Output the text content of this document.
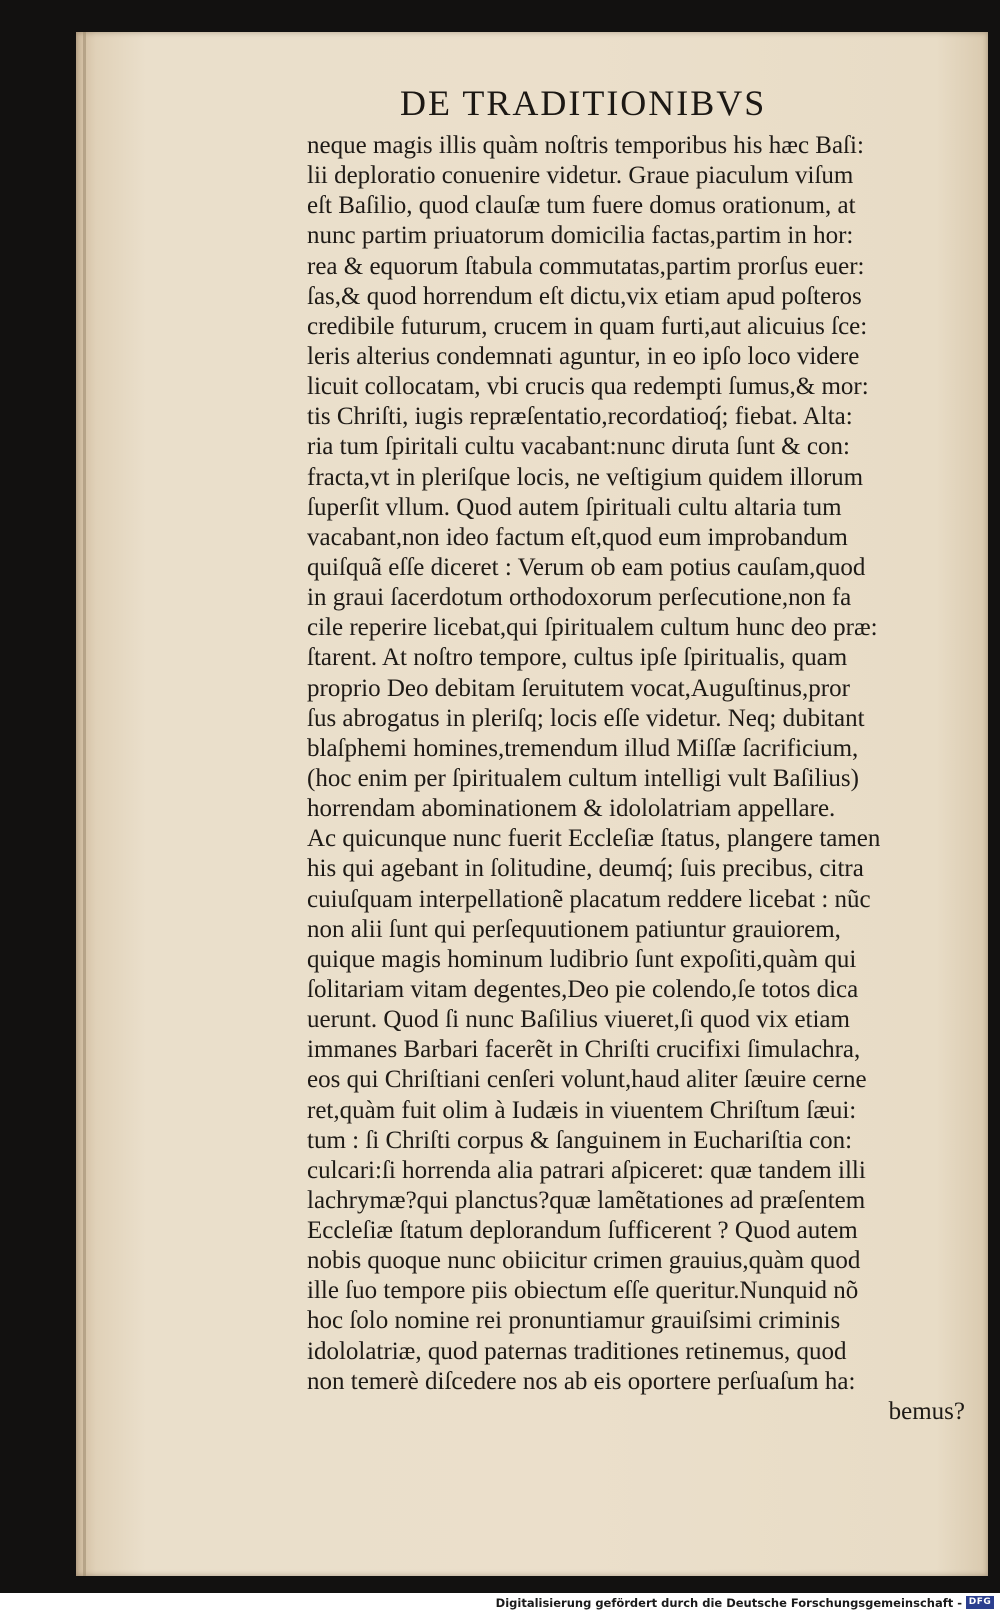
DE TRADITIONIBVS
neque magis illis quàm noſtris temporibus his hæc Baſi:
lii deploratio conuenire videtur. Graue piaculum viſum
eſt Baſilio, quod clauſæ tum fuere domus orationum, at
nunc partim priuatorum domicilia factas,partim in hor:
rea & equorum ſtabula commutatas,partim prorſus euer:
ſas,& quod horrendum eſt dictu,vix etiam apud poſteros
credibile futurum, crucem in quam furti,aut alicuius ſce:
leris alterius condemnati aguntur, in eo ipſo loco videre
licuit collocatam, vbi crucis qua redempti ſumus,& mor:
tis Chriſti, iugis repræſentatio,recordatioq́; fiebat. Alta:
ria tum ſpiritali cultu vacabant:nunc diruta ſunt & con:
fracta,vt in pleriſque locis, ne veſtigium quidem illorum
ſuperſit vllum. Quod autem ſpirituali cultu altaria tum
vacabant,non ideo factum eſt,quod eum improbandum
quiſquã eſſe diceret : Verum ob eam potius cauſam,quod
in graui ſacerdotum orthodoxorum perſecutione,non fa
cile reperire licebat,qui ſpiritualem cultum hunc deo præ:
ſtarent. At noſtro tempore, cultus ipſe ſpiritualis, quam
proprio Deo debitam ſeruitutem vocat,Auguſtinus,pror
ſus abrogatus in pleriſq; locis eſſe videtur. Neq; dubitant
blaſphemi homines,tremendum illud Miſſæ ſacrificium,
(hoc enim per ſpiritualem cultum intelligi vult Baſilius)
horrendam abominationem & idololatriam appellare.
Ac quicunque nunc fuerit Eccleſiæ ſtatus, plangere tamen
his qui agebant in ſolitudine, deumq́; ſuis precibus, citra
cuiuſquam interpellationẽ placatum reddere licebat : nũc
non alii ſunt qui perſequutionem patiuntur grauiorem,
quique magis hominum ludibrio ſunt expoſiti,quàm qui
ſolitariam vitam degentes,Deo pie colendo,ſe totos dica
uerunt. Quod ſi nunc Baſilius viueret,ſi quod vix etiam
immanes Barbari facerẽt in Chriſti crucifixi ſimulachra,
eos qui Chriſtiani cenſeri volunt,haud aliter ſæuire cerne
ret,quàm fuit olim à Iudæis in viuentem Chriſtum ſæui:
tum : ſi Chriſti corpus & ſanguinem in Euchariſtia con:
culcari:ſi horrenda alia patrari aſpiceret: quæ tandem illi
lachrymæ?qui planctus?quæ lamẽtationes ad præſentem
Eccleſiæ ſtatum deplorandum ſufficerent ? Quod autem
nobis quoque nunc obiicitur crimen grauius,quàm quod
ille ſuo tempore piis obiectum eſſe queritur.Nunquid nõ
hoc ſolo nomine rei pronuntiamur grauiſsimi criminis
idololatriæ, quod paternas traditiones retinemus, quod
non temerè diſcedere nos ab eis oportere perſuaſum ha:
bemus?
Digitalisierung gefördert durch die Deutsche Forschungsgemeinschaft - DFG
